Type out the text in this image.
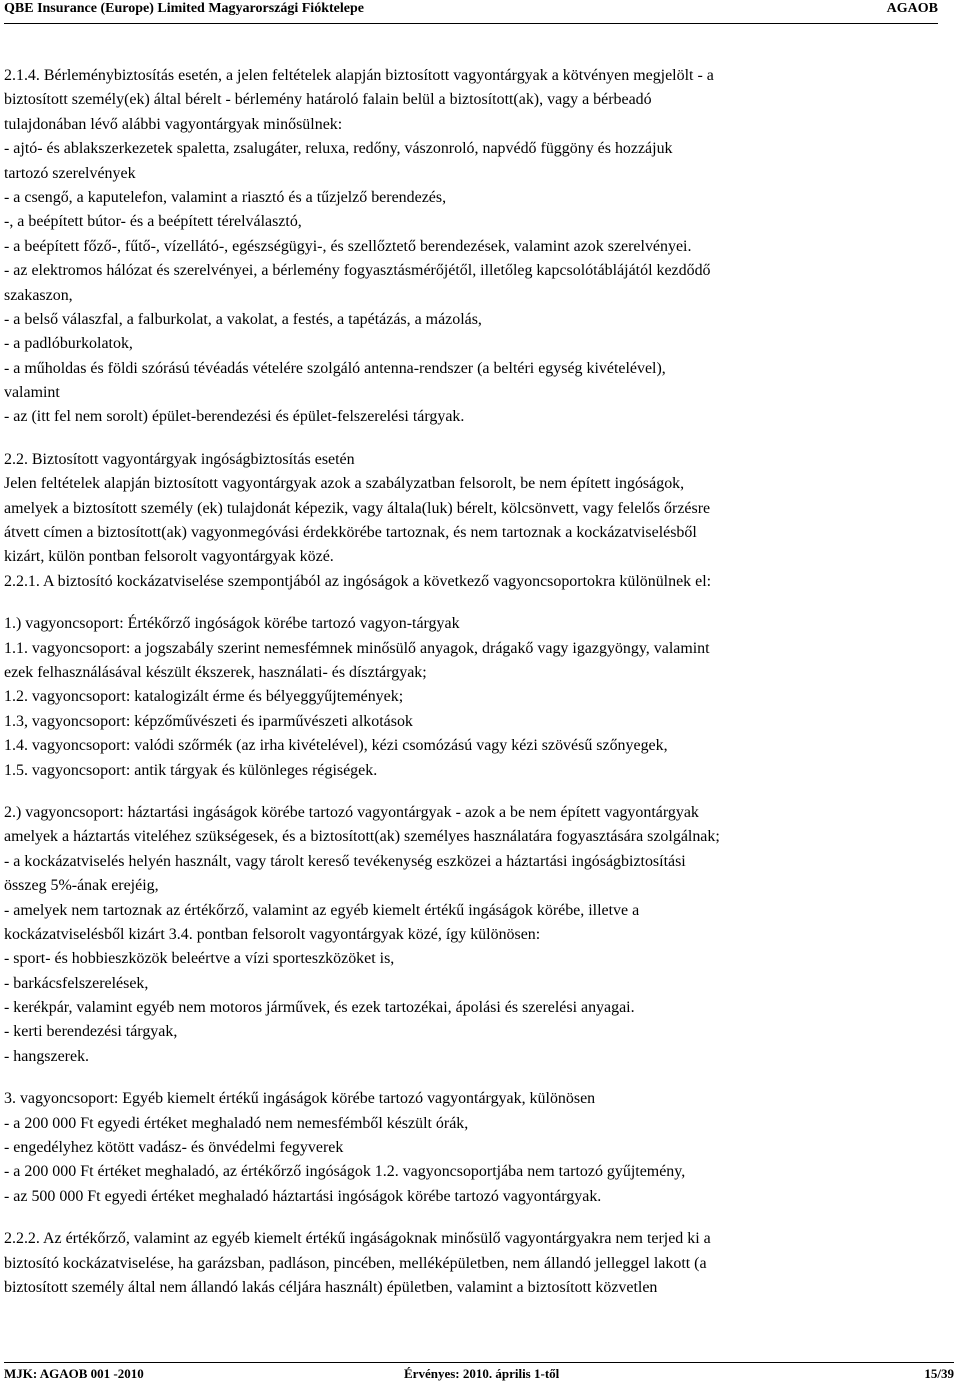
QBE Insurance (Europe) Limited Magyarországi Fióktelepe	AGAOB
2.1.4. Bérleménybiztosítás esetén, a jelen feltételek alapján biztosított vagyontárgyak a kötvényen megjelölt - a
biztosított személy(ek) által bérelt - bérlemény határoló falain belül a biztosított(ak), vagy a bérbeadó
tulajdonában lévő alábbi vagyontárgyak minősülnek:
- ajtó- és ablakszerkezetek spaletta, zsalugáter, reluxa, redőny, vászonroló, napvédő függöny és hozzájuk
tartozó szerelvények
- a csengő, a kaputelefon, valamint a riasztó és a tűzjelző berendezés,
-, a beépített bútor- és a beépített térelválasztó,
- a beépített főző-, fűtő-, vízellátó-, egészségügyi-, és szellőztető berendezések, valamint azok szerelvényei.
- az elektromos hálózat és szerelvényei, a bérlemény fogyasztásmérőjétől, illetőleg kapcsolótáblájától kezdődő
szakaszon,
- a belső válaszfal, a falburkolat, a vakolat, a festés, a tapétázás, a mázolás,
- a padlóburkolatok,
- a műholdas és földi szórású tévéadás vételére szolgáló antenna-rendszer (a beltéri egység kivételével),
valamint
- az (itt fel nem sorolt) épület-berendezési és épület-felszerelési tárgyak.
2.2. Biztosított vagyontárgyak ingóságbiztosítás esetén
Jelen feltételek alapján biztosított vagyontárgyak azok a szabályzatban felsorolt, be nem épített ingóságok,
amelyek a biztosított személy (ek) tulajdonát képezik, vagy általa(luk) bérelt, kölcsönvett, vagy felelős őrzésre
átvett címen a biztosított(ak) vagyonmegóvási érdekkörébe tartoznak, és nem tartoznak a kockázatviselésből
kizárt, külön pontban felsorolt vagyontárgyak közé.
2.2.1. A biztosító kockázatviselése szempontjából az ingóságok a következő vagyoncsoportokra különülnek el:
1.) vagyoncsoport: Értékőrző ingóságok körébe tartozó vagyon-tárgyak
1.1. vagyoncsoport: a jogszabály szerint nemesfémnek minősülő anyagok, drágakő vagy igazgyöngy, valamint
ezek felhasználásával készült ékszerek, használati- és dísztárgyak;
1.2. vagyoncsoport: katalogizált érme és bélyeggyűjtemények;
1.3, vagyoncsoport: képzőművészeti és iparművészeti alkotások
1.4. vagyoncsoport: valódi szőrmék (az irha kivételével), kézi csomózású vagy kézi szövésű szőnyegek,
1.5. vagyoncsoport: antik tárgyak és különleges régiségek.
2.) vagyoncsoport: háztartási ingáságok körébe tartozó vagyontárgyak - azok a be nem épített vagyontárgyak
amelyek a háztartás viteléhez szükségesek, és a biztosított(ak) személyes használatára fogyasztására szolgálnak;
- a kockázatviselés helyén használt, vagy tárolt kereső tevékenység eszközei a háztartási ingóságbiztosítási
összeg 5%-ának erejéig,
- amelyek nem tartoznak az értékőrző, valamint az egyéb kiemelt értékű ingáságok körébe, illetve a
kockázatviselésből kizárt 3.4. pontban felsorolt vagyontárgyak közé, így különösen:
- sport- és hobbieszközök beleértve a vízi sporteszközöket is,
- barkácsfelszerelések,
- kerékpár, valamint egyéb nem motoros járművek, és ezek tartozékai, ápolási és szerelési anyagai.
- kerti berendezési tárgyak,
- hangszerek.
3. vagyoncsoport: Egyéb kiemelt értékű ingáságok körébe tartozó vagyontárgyak, különösen
- a 200 000 Ft egyedi értéket meghaladó nem nemesfémből készült órák,
- engedélyhez kötött vadász- és önvédelmi fegyverek
- a 200 000 Ft értéket meghaladó, az értékőrző ingóságok 1.2. vagyoncsoportjába nem tartozó gyűjtemény,
- az 500 000 Ft egyedi értéket meghaladó háztartási ingóságok körébe tartozó vagyontárgyak.
2.2.2. Az értékőrző, valamint az egyéb kiemelt értékű ingáságoknak minősülő vagyontárgyakra nem terjed ki a
biztosító kockázatviselése, ha garázsban, padláson, pincében, melléképületben, nem állandó jelleggel lakott (a
biztosított személy által nem állandó lakás céljára használt) épületben, valamint a biztosított közvetlen
MJK: AGAOB 001 -2010	Érvényes: 2010. április 1-től	15/39
